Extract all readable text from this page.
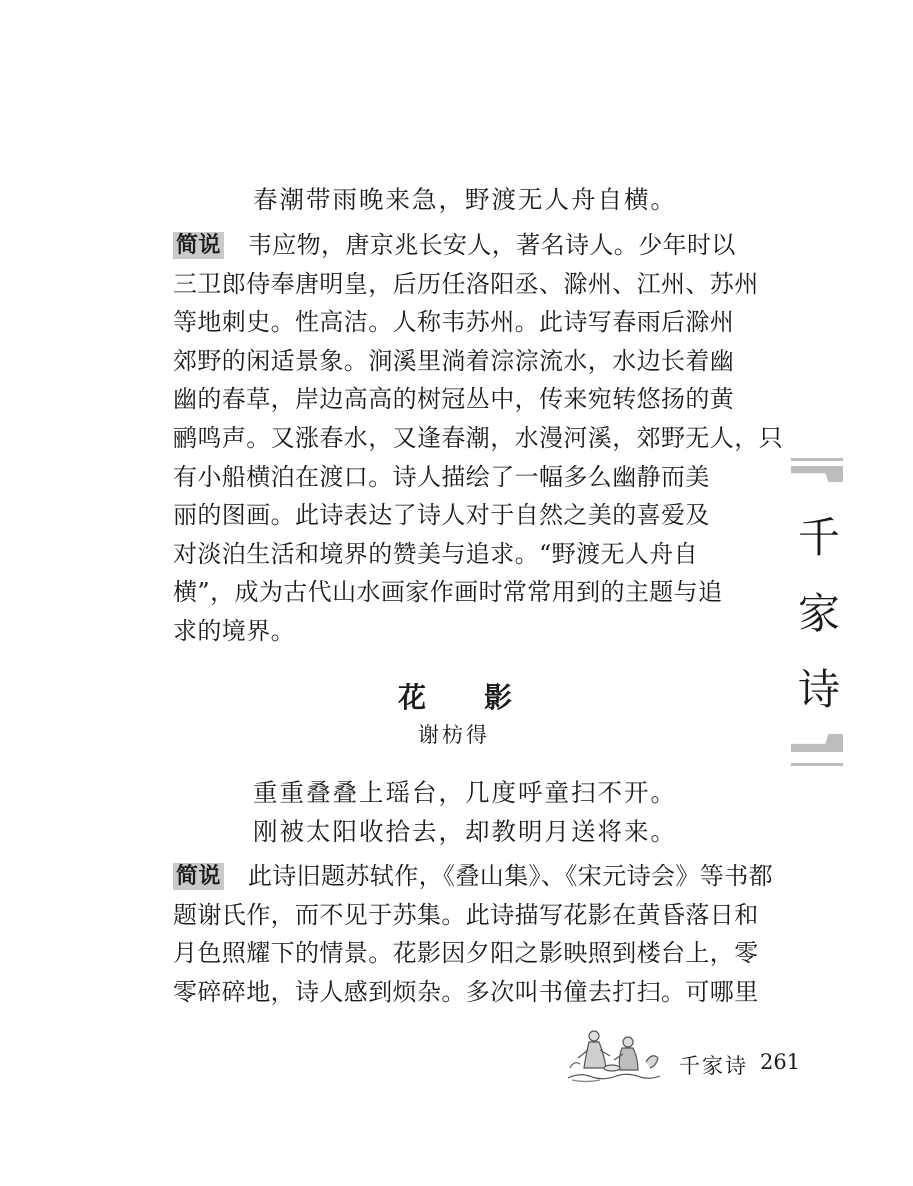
春潮带雨晚来急，野渡无人舟自横。
简说 韦应物，唐京兆长安人，著名诗人。少年时以
三卫郎侍奉唐明皇，后历任洛阳丞、滁州、江州、苏州
等地刺史。性高洁。人称韦苏州。此诗写春雨后滁州
郊野的闲适景象。涧溪里淌着淙淙流水，水边长着幽
幽的春草，岸边高高的树冠丛中，传来宛转悠扬的黄
鹂鸣声。又涨春水，又逢春潮，水漫河溪，郊野无人，只
有小船横泊在渡口。诗人描绘了一幅多么幽静而美
丽的图画。此诗表达了诗人对于自然之美的喜爱及
对淡泊生活和境界的赞美与追求。“野渡无人舟自
横”，成为古代山水画家作画时常常用到的主题与追
求的境界。
花影
谢枋得
重重叠叠上瑶台，几度呼童扫不开。
刚被太阳收拾去，却教明月送将来。
简说 此诗旧题苏轼作，《叠山集》、《宋元诗会》等书都
题谢氏作，而不见于苏集。此诗描写花影在黄昏落日和
月色照耀下的情景。花影因夕阳之影映照到楼台上，零
零碎碎地，诗人感到烦杂。多次叫书僮去打扫。可哪里
千
家
诗
千家诗 261
